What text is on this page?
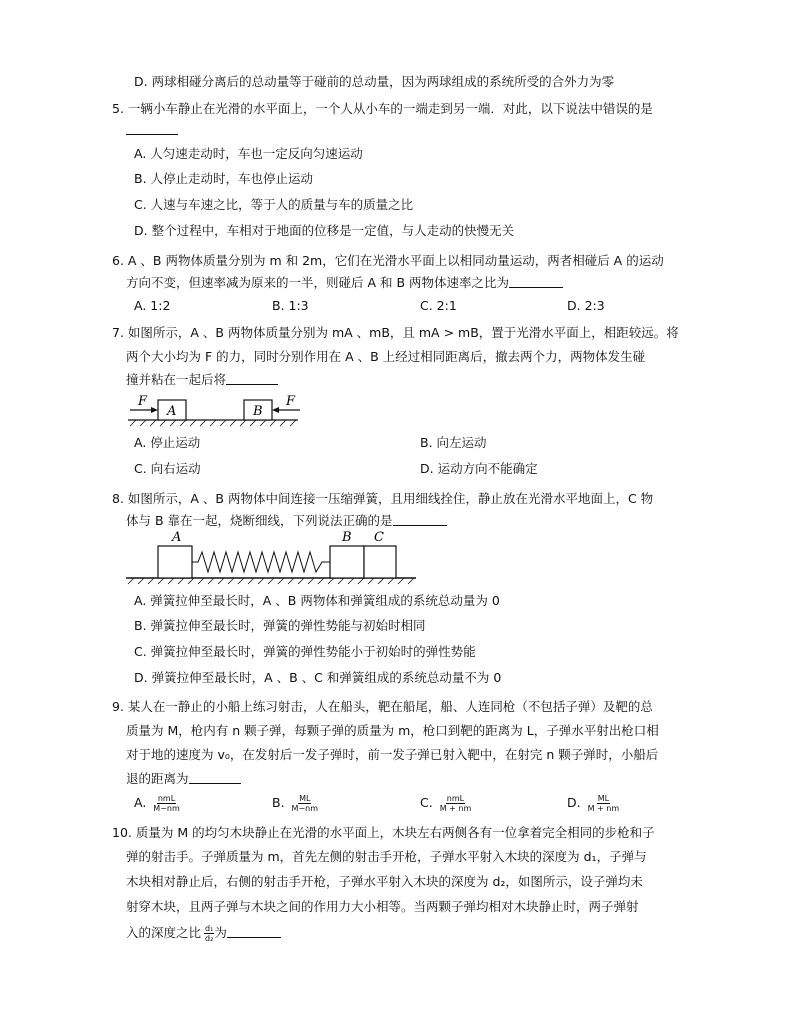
D. 两球相碰分离后的总动量等于碰前的总动量，因为两球组成的系统所受的合外力为零
5. 一辆小车静止在光滑的水平面上，一个人从小车的一端走到另一端．对此，以下说法中错误的是
A. 人匀速走动时，车也一定反向匀速运动
B. 人停止走动时，车也停止运动
C. 人速与车速之比，等于人的质量与车的质量之比
D. 整个过程中，车相对于地面的位移是一定值，与人走动的快慢无关
6. A 、B 两物体质量分别为 m 和 2m，它们在光滑水平面上以相同动量运动，两者相碰后 A 的运动
方向不变，但速率减为原来的一半，则碰后 A 和 B 两物体速率之比为
A. 1:2	B. 1:3	C. 2:1	D. 2:3
7. 如图所示，A 、B 两物体质量分别为 mA 、mB，且 mA > mB，置于光滑水平面上，相距较远。将
两个大小均为 F 的力，同时分别作用在 A 、B 上经过相同距离后，撤去两个力，两物体发生碰
撞并粘在一起后将
F	F
A	B
A. 停止运动	B. 向左运动
C. 向右运动	D. 运动方向不能确定
8. 如图所示，A 、B 两物体中间连接一压缩弹簧，且用细线拴住，静止放在光滑水平地面上，C 物
体与 B 靠在一起，烧断细线，下列说法正确的是
A	B C
A. 弹簧拉伸至最长时，A 、B 两物体和弹簧组成的系统总动量为 0
B. 弹簧拉伸至最长时，弹簧的弹性势能与初始时相同
C. 弹簧拉伸至最长时，弹簧的弹性势能小于初始时的弹性势能
D. 弹簧拉伸至最长时，A 、B 、C 和弹簧组成的系统总动量不为 0
9. 某人在一静止的小船上练习射击，人在船头，靶在船尾，船、人连同枪（不包括子弹）及靶的总
质量为 M，枪内有 n 颗子弹，每颗子弹的质量为 m，枪口到靶的距离为 L，子弹水平射出枪口相
对于地的速度为 v₀，在发射后一发子弹时，前一发子弹已射入靶中，在射完 n 颗子弹时，小船后
退的距离为
A. $\frac{\text{nmL}}{M-nm}$	B. $\frac{ML}{M-nm}$	C. $\frac{\text{nmL}}{M + nm}$	D. $\frac{ML}{M + nm}$
10. 质量为 M 的均匀木块静止在光滑的水平面上，木块左右两侧各有一位拿着完全相同的步枪和子
弹的射击手。子弹质量为 m，首先左侧的射击手开枪，子弹水平射入木块的深度为 d₁，子弹与
木块相对静止后，右侧的射击手开枪，子弹水平射入木块的深度为 d₂，如图所示，设子弹均未
射穿木块，且两子弹与木块之间的作用力大小相等。当两颗子弹均相对木块静止时，两子弹射
入的深度之比 $\frac{\text{d₁}}{\text{d₂}}$ 为
